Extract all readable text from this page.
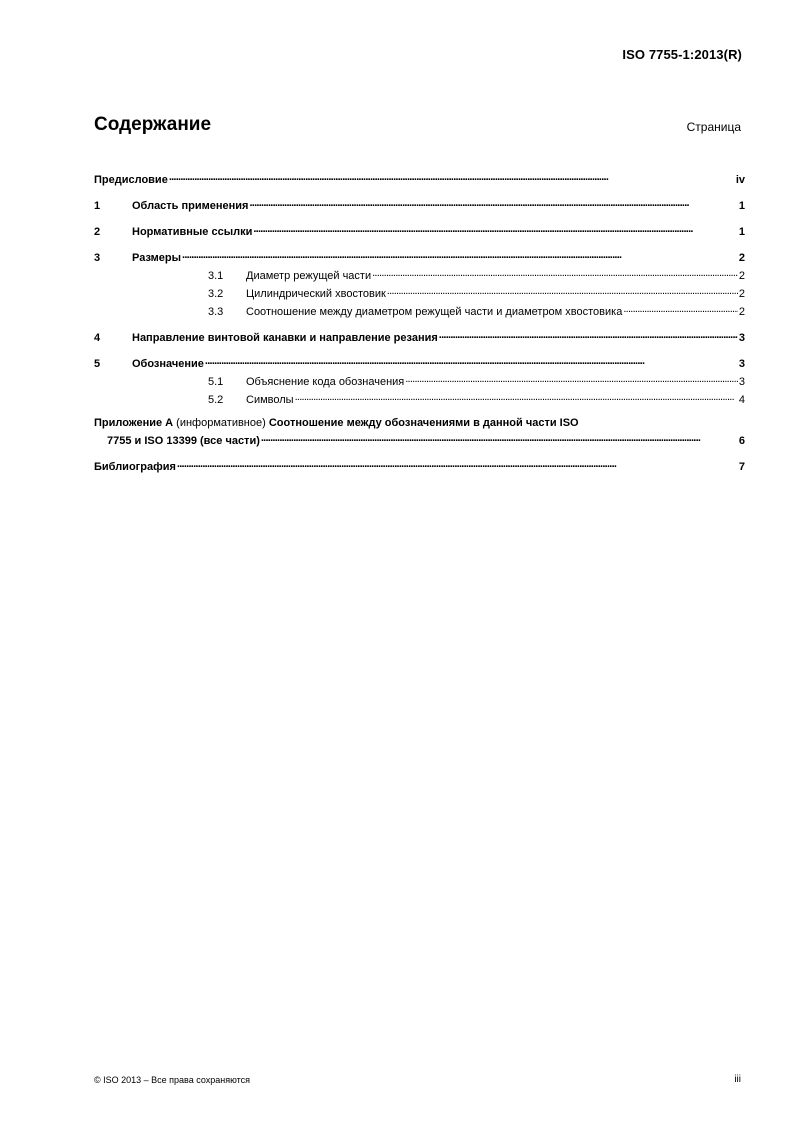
ISO 7755-1:2013(R)
Содержание	Страница
Предисловие . . .	iv
1	Область применения . . .	1
2	Нормативные ссылки . . .	1
3	Размеры . . .	2
3.1	Диаметр режущей части . . .	2
3.2	Цилиндрический хвостовик . . .	2
3.3	Соотношение между диаметром режущей части и диаметром хвостовика . . .	2
4	Направление винтовой канавки и направление резания . . .	3
5	Обозначение . . .	3
5.1	Объяснение кода обозначения . . .	3
5.2	Символы . . .	4
Приложение A (информативное) Соотношение между обозначениями в данной части ISO
7755 и ISO 13399 (все части) . . .	6
Библиография . . .	7
© ISO 2013 – Все права сохраняются	iii
